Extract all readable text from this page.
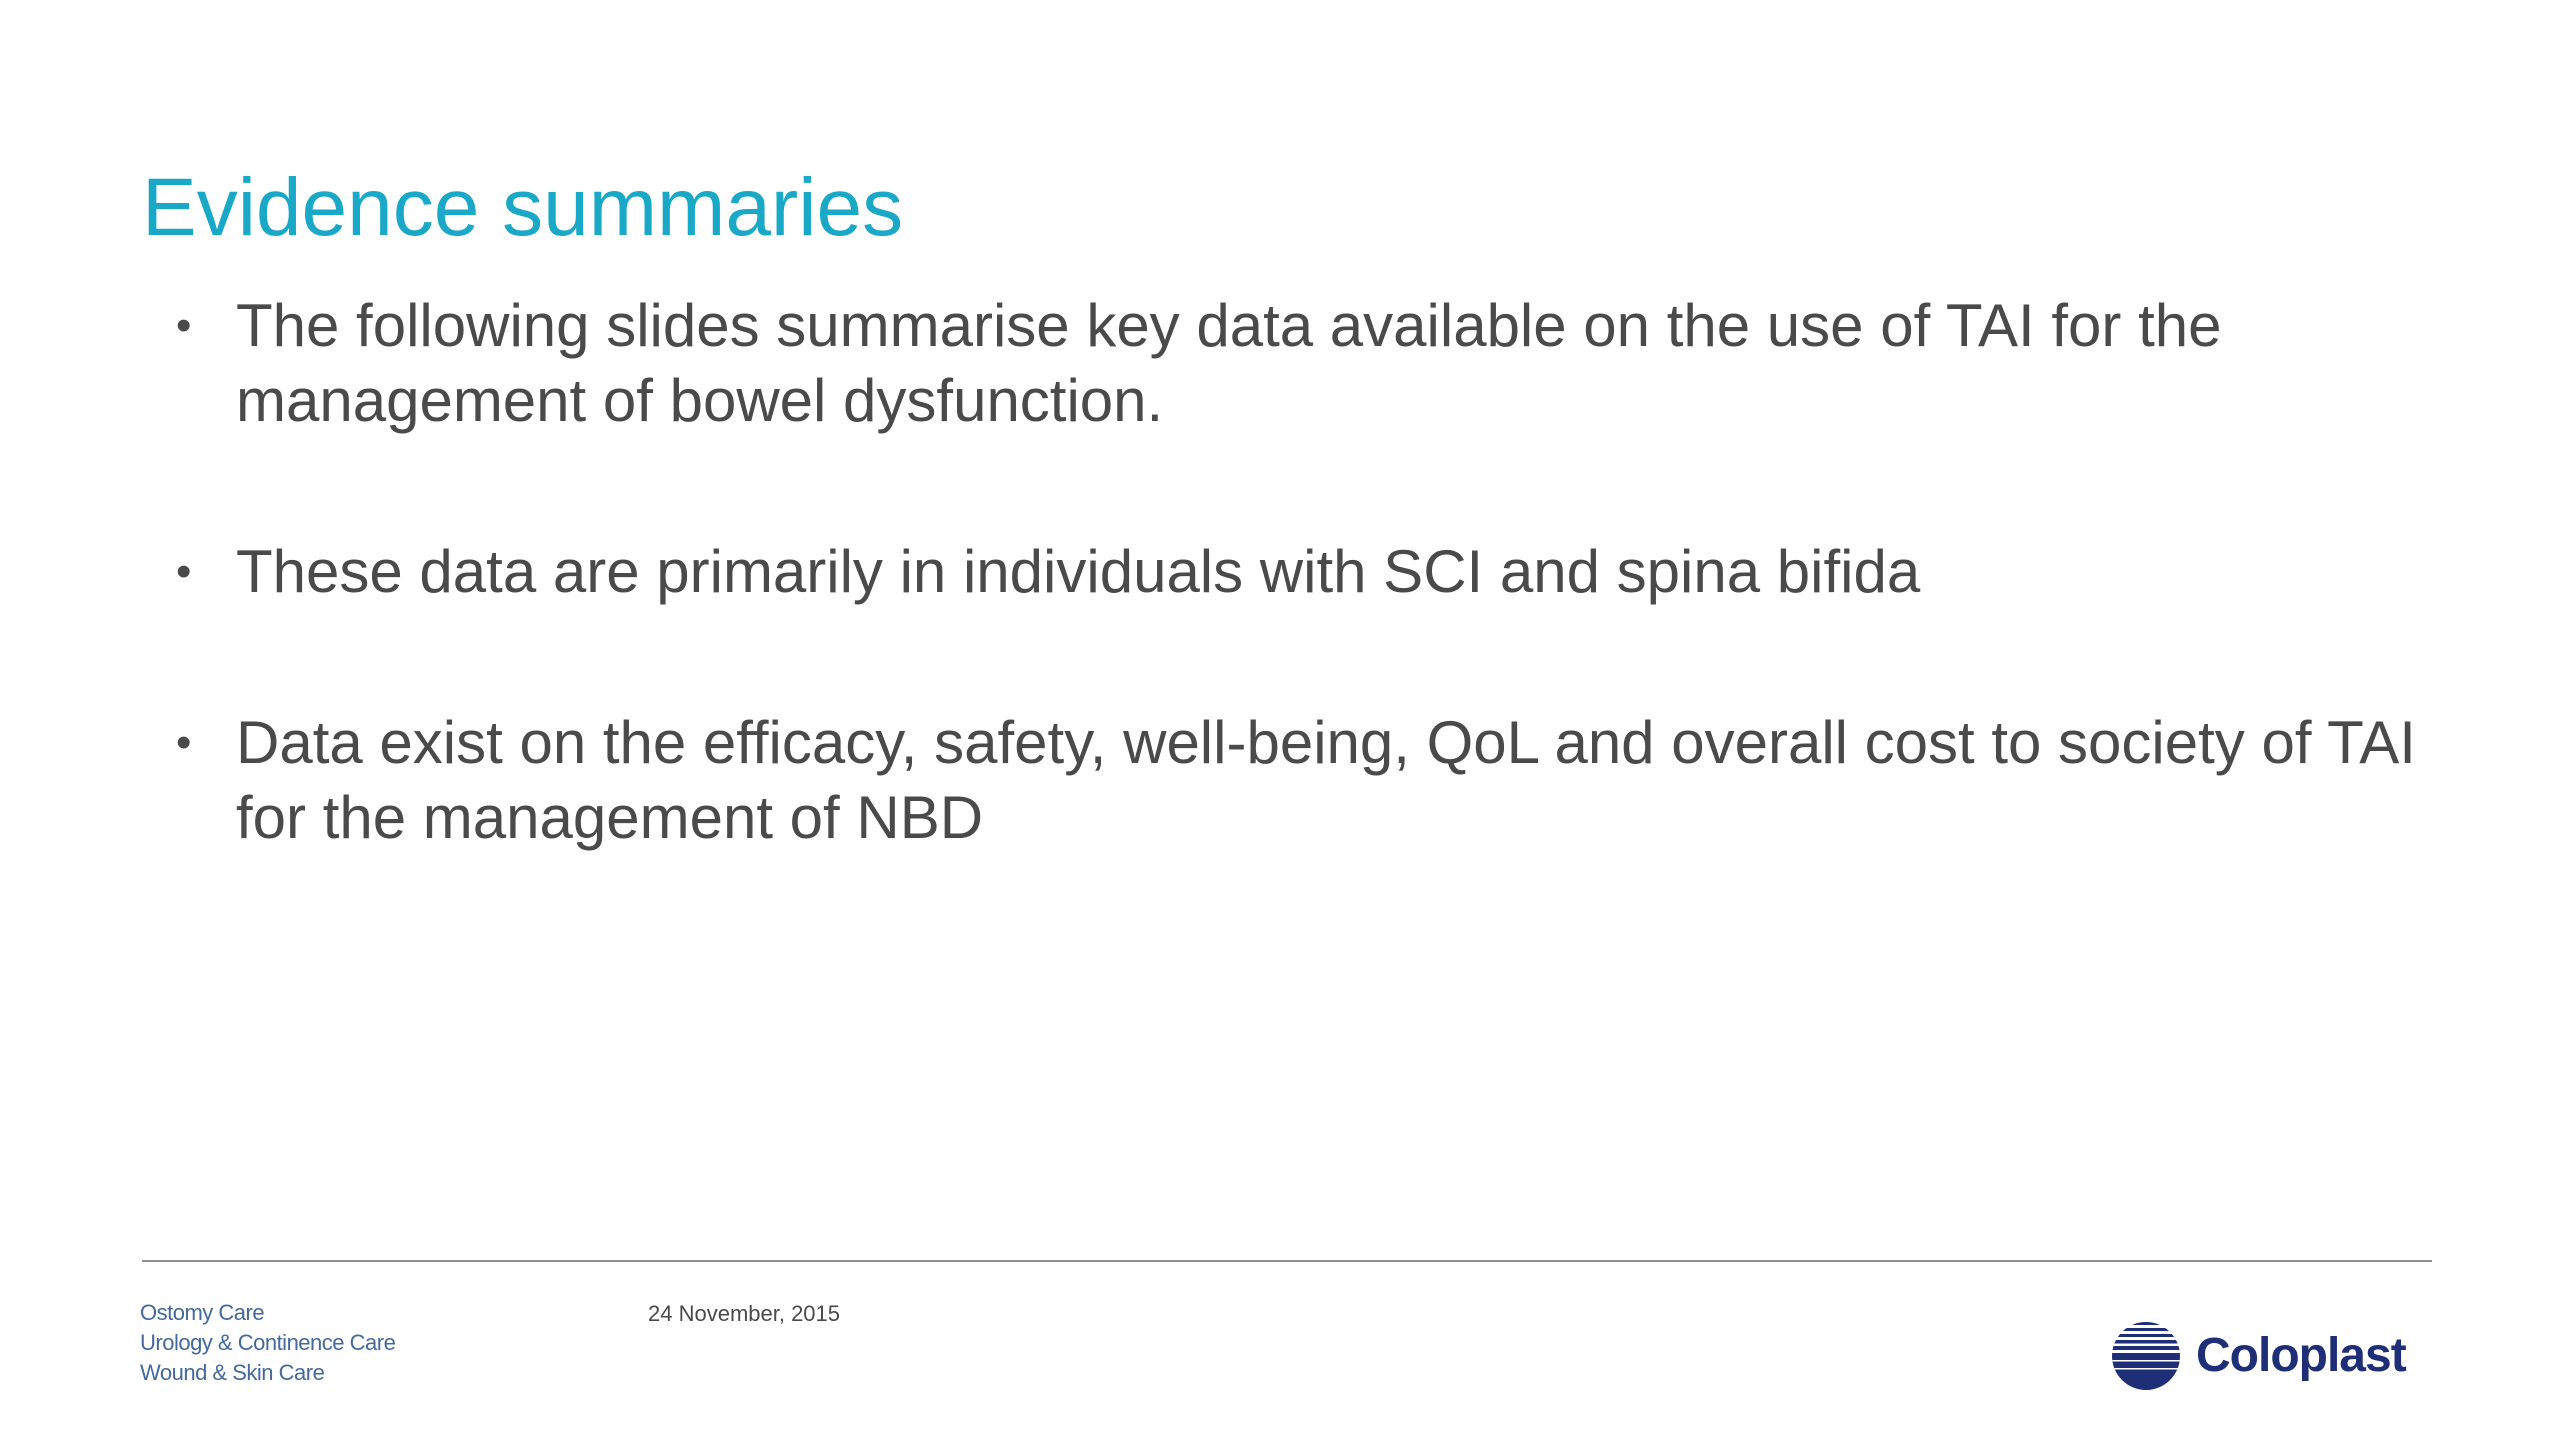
Evidence summaries
• The following slides summarise key data available on the use of TAI for the management of bowel dysfunction.
• These data are primarily in individuals with SCI and spina bifida
• Data exist on the efficacy, safety, well-being, QoL and overall cost to society of TAI for the management of NBD
Ostomy Care
Urology & Continence Care
Wound & Skin Care
24 November, 2015
Coloplast
